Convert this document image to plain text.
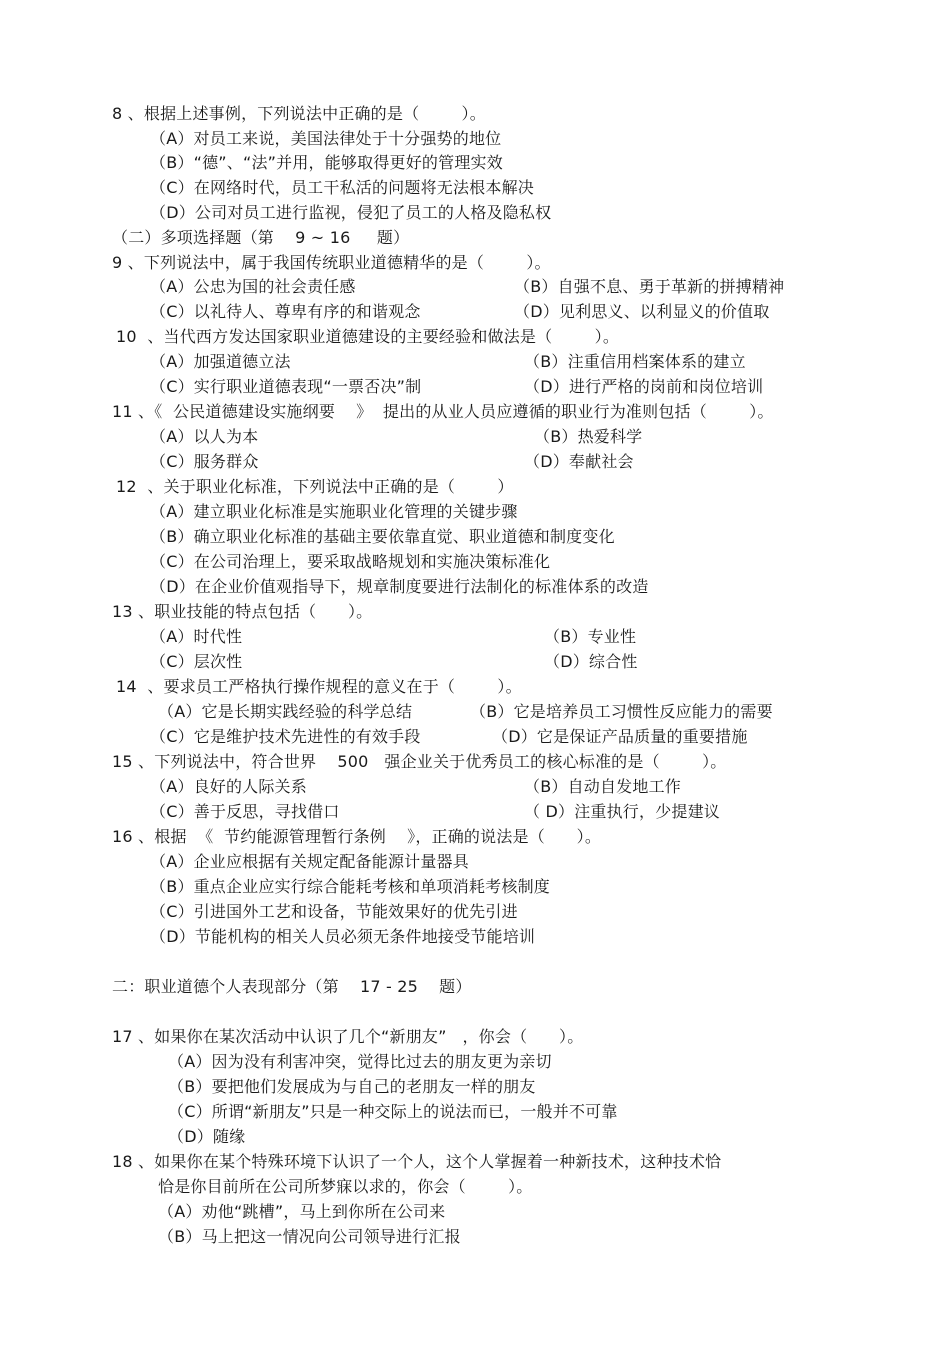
8 、根据上述事例，下列说法中正确的是（        ）。
（A）对员工来说，美国法律处于十分强势的地位
（B）“德”、“法”并用，能够取得更好的管理实效
（C）在网络时代，员工干私活的问题将无法根本解决
（D）公司对员工进行监视，侵犯了员工的人格及隐私权
（二）多项选择题（第    9 ~ 16     题）
9 、下列说法中，属于我国传统职业道德精华的是（        ）。
（A）公忠为国的社会责任感	（B）自强不息、勇于革新的拼搏精神
（C）以礼待人、尊卑有序的和谐观念	（D）见利思义、以利显义的价值取
10  、当代西方发达国家职业道德建设的主要经验和做法是（        ）。
（A）加强道德立法	（B）注重信用档案体系的建立
（C）实行职业道德表现“一票否决”制	（D）进行严格的岗前和岗位培训
11 、《  公民道德建设实施纲要    》  提出的从业人员应遵循的职业行为准则包括（        ）。
（A）以人为本	（B）热爱科学
（C）服务群众	（D）奉献社会
12  、关于职业化标准，下列说法中正确的是（        ）
（A）建立职业化标准是实施职业化管理的关键步骤
（B）确立职业化标准的基础主要依靠直觉、职业道德和制度变化
（C）在公司治理上，要采取战略规划和实施决策标准化
（D）在企业价值观指导下，规章制度要进行法制化的标准体系的改造
13 、职业技能的特点包括（      ）。
（A）时代性	（B）专业性
（C）层次性	（D）综合性
14  、要求员工严格执行操作规程的意义在于（        ）。
（A）它是长期实践经验的科学总结	（B）它是培养员工习惯性反应能力的需要
（C）它是维护技术先进性的有效手段	（D）它是保证产品质量的重要措施
15 、下列说法中，符合世界    500   强企业关于优秀员工的核心标准的是（        ）。
（A）良好的人际关系	（B）自动自发地工作
（C）善于反思，寻找借口	（ D）注重执行，少提建议
16 、根据  《  节约能源管理暂行条例    》，正确的说法是（      ）。
（A）企业应根据有关规定配备能源计量器具
（B）重点企业应实行综合能耗考核和单项消耗考核制度
（C）引进国外工艺和设备，节能效果好的优先引进
（D）节能机构的相关人员必须无条件地接受节能培训
二：职业道德个人表现部分（第    17 - 25    题）
17 、如果你在某次活动中认识了几个“新朋友”   ，你会（      ）。
（A）因为没有利害冲突，觉得比过去的朋友更为亲切
（B）要把他们发展成为与自己的老朋友一样的朋友
（C）所谓“新朋友”只是一种交际上的说法而已，一般并不可靠
（D）随缘
18 、如果你在某个特殊环境下认识了一个人，这个人掌握着一种新技术，这种技术恰
恰是你目前所在公司所梦寐以求的，你会（        ）。
（A）劝他“跳槽”，马上到你所在公司来
（B）马上把这一情况向公司领导进行汇报
